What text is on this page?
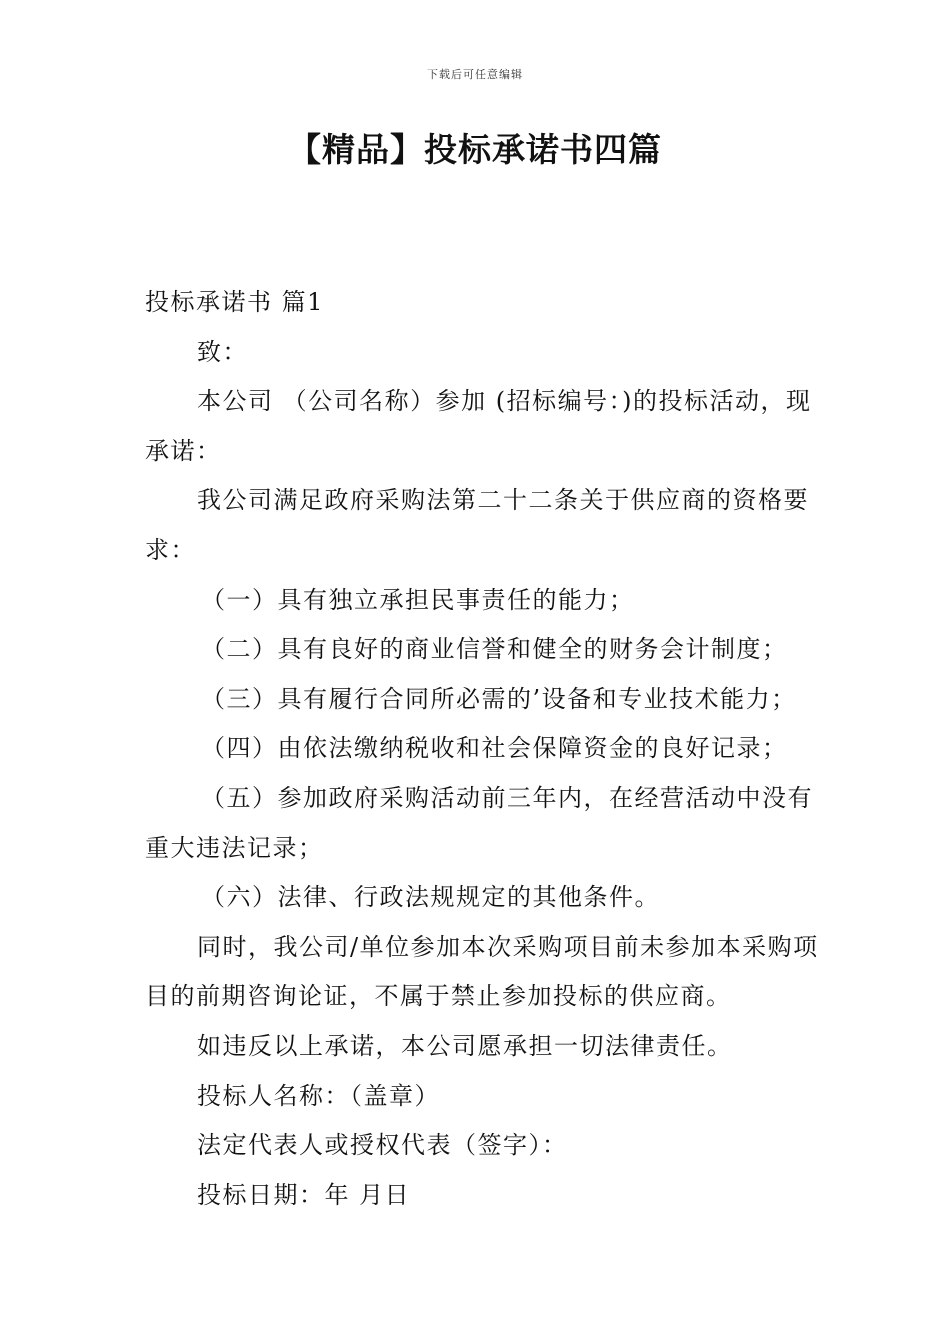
下载后可任意编辑
【精品】投标承诺书四篇

投标承诺书 篇1

致：

本公司 （公司名称）参加 (招标编号：)的投标活动，现承诺：

我公司满足政府采购法第二十二条关于供应商的资格要求：

（一）具有独立承担民事责任的能力；

（二）具有良好的商业信誉和健全的财务会计制度；

（三）具有履行合同所必需的’设备和专业技术能力；

（四）由依法缴纳税收和社会保障资金的良好记录；

（五）参加政府采购活动前三年内，在经营活动中没有重大违法记录；

（六）法律、行政法规规定的其他条件。

同时，我公司/单位参加本次采购项目前未参加本采购项目的前期咨询论证，不属于禁止参加投标的供应商。

如违反以上承诺，本公司愿承担一切法律责任。

投标人名称：（盖章）

法定代表人或授权代表（签字）：

投标日期：年 月日
